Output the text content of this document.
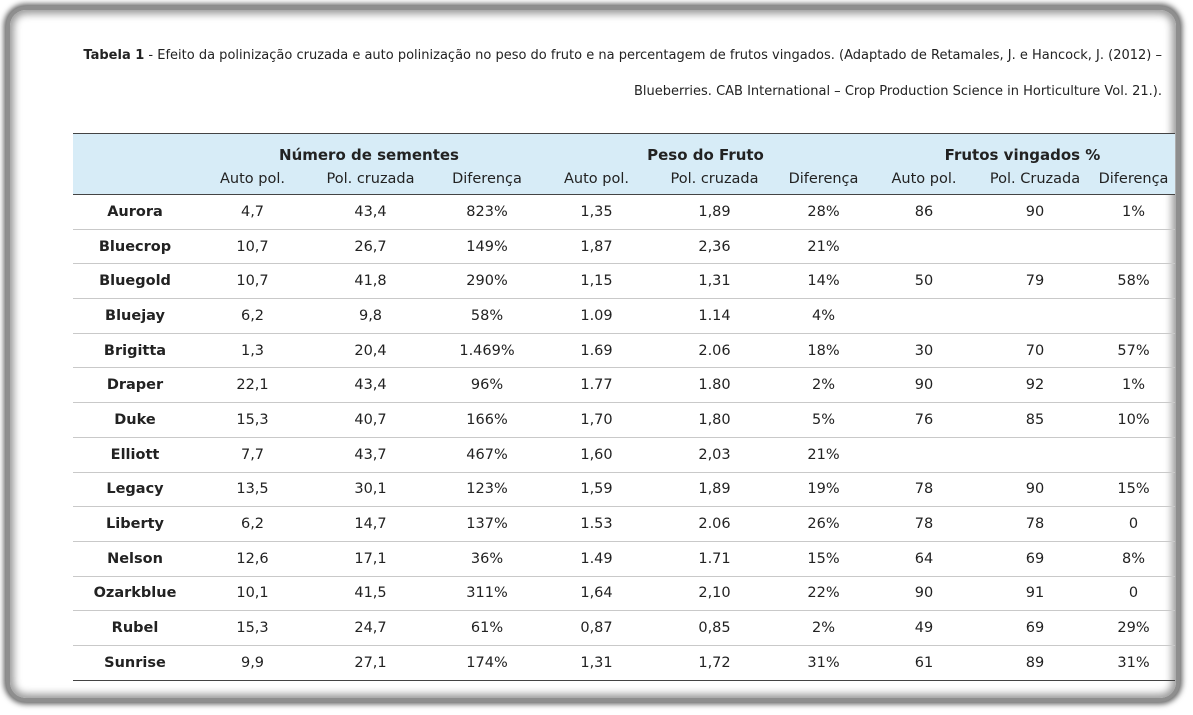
Tabela 1 - Efeito da polinização cruzada e auto polinização no peso do fruto e na percentagem de frutos vingados. (Adaptado de Retamales, J. e Hancock, J. (2012) – Blueberries. CAB International – Crop Production Science in Horticulture Vol. 21.).
	Número de sementes			Peso do Fruto			Frutos vingados %		
	Auto pol.	Pol. cruzada	Diferença	Auto pol.	Pol. cruzada	Diferença	Auto pol.	Pol. Cruzada	Diferença
Aurora	4,7	43,4	823%	1,35	1,89	28%	86	90	1%
Bluecrop	10,7	26,7	149%	1,87	2,36	21%			
Bluegold	10,7	41,8	290%	1,15	1,31	14%	50	79	58%
Bluejay	6,2	9,8	58%	1.09	1.14	4%			
Brigitta	1,3	20,4	1.469%	1.69	2.06	18%	30	70	57%
Draper	22,1	43,4	96%	1.77	1.80	2%	90	92	1%
Duke	15,3	40,7	166%	1,70	1,80	5%	76	85	10%
Elliott	7,7	43,7	467%	1,60	2,03	21%			
Legacy	13,5	30,1	123%	1,59	1,89	19%	78	90	15%
Liberty	6,2	14,7	137%	1.53	2.06	26%	78	78	0
Nelson	12,6	17,1	36%	1.49	1.71	15%	64	69	8%
Ozarkblue	10,1	41,5	311%	1,64	2,10	22%	90	91	0
Rubel	15,3	24,7	61%	0,87	0,85	2%	49	69	29%
Sunrise	9,9	27,1	174%	1,31	1,72	31%	61	89	31%
